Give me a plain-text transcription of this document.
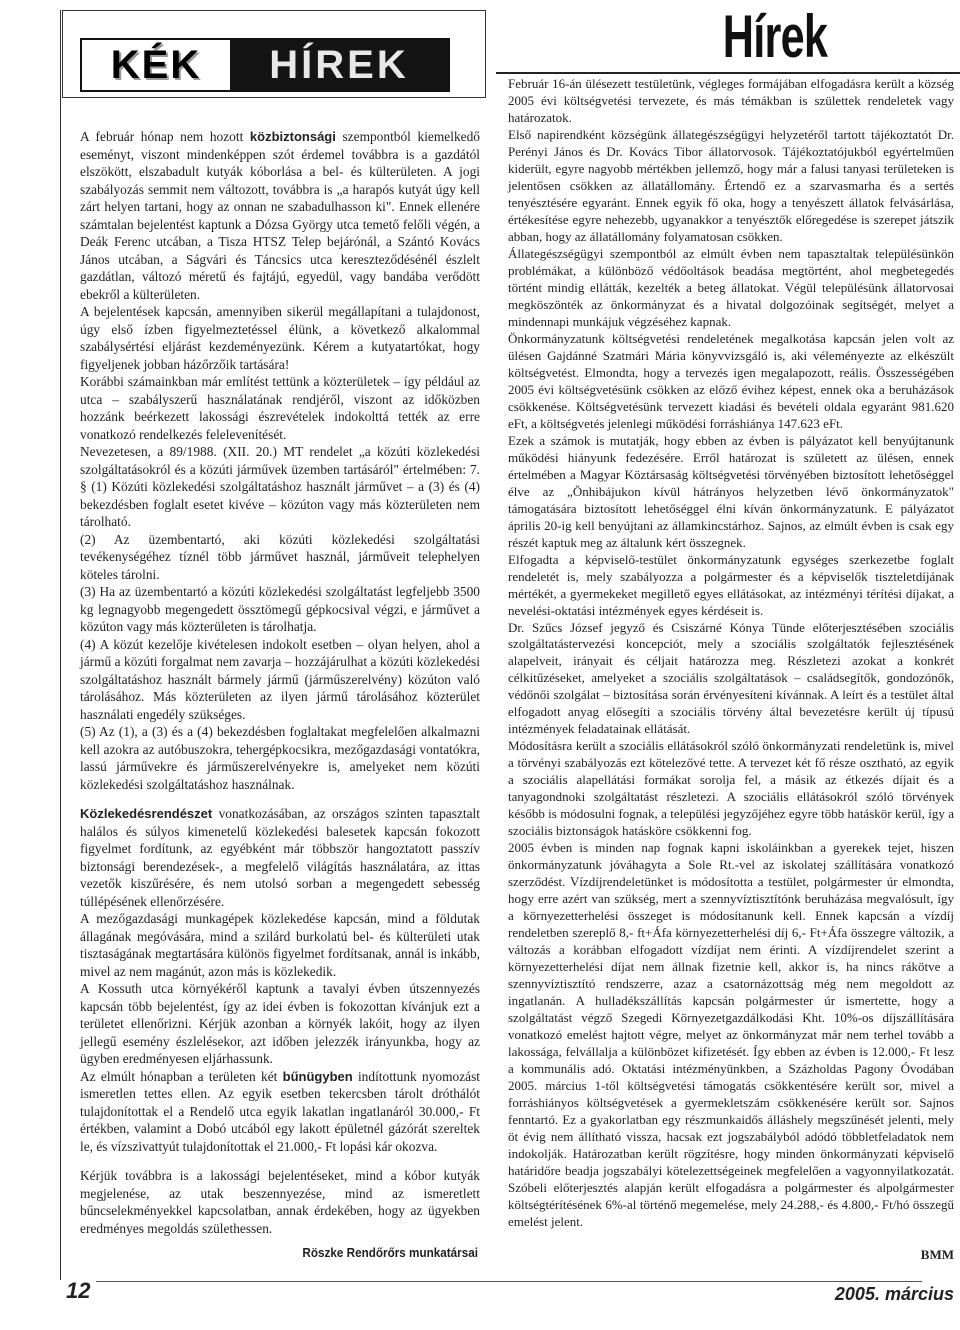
KÉK	HÍREK	Hírek

A február hónap nem hozott közbiztonsági szempontból kiemelkedő eseményt, viszont mindenképpen szót érdemel továbbra is a gazdától elszökött, elszabadult kutyák kóborlása a bel- és külterületen. A jogi szabályozás semmit nem változott, továbbra is „a harapós kutyát úgy kell zárt helyen tartani, hogy az onnan ne szabadulhasson ki". Ennek ellenére számtalan bejelentést kaptunk a Dózsa György utca temető felőli végén, a Deák Ferenc utcában, a Tisza HTSZ Telep bejárónál, a Szántó Kovács János utcában, a Ságvári és Táncsics utca kereszteződésénél észlelt gazdátlan, változó méretű és fajtájú, egyedül, vagy bandába verődött ebekről a külterületen.

A bejelentések kapcsán, amennyiben sikerül megállapítani a tulajdonost, úgy első ízben figyelmeztetéssel élünk, a következő alkalommal szabálysértési eljárást kezdeményezünk. Kérem a kutyatartókat, hogy figyeljenek jobban házőrzőik tartására!

Korábbi számainkban már említést tettünk a közterületek – így például az utca – szabályszerű használatának rendjéről, viszont az időközben hozzánk beérkezett lakossági észrevételek indokolttá tették az erre vonatkozó rendelkezés felelevenítését.

Nevezetesen, a 89/1988. (XII. 20.) MT rendelet „a közúti közlekedési szolgáltatásokról és a közúti járművek üzemben tartásáról" értelmében: 7. § (1) Közúti közlekedési szolgáltatáshoz használt járművet – a (3) és (4) bekezdésben foglalt esetet kivéve – közúton vagy más közterületen nem tárolható.

(2) Az üzembentartó, aki közúti közlekedési szolgáltatási tevékenységéhez tíznél több járművet használ, járműveit telephelyen köteles tárolni.

(3) Ha az üzembentartó a közúti közlekedési szolgáltatást legfeljebb 3500 kg legnagyobb megengedett össztömegű gépkocsival végzi, e járművet a közúton vagy más közterületen is tárolhatja.

(4) A közút kezelője kivételesen indokolt esetben – olyan helyen, ahol a jármű a közúti forgalmat nem zavarja – hozzájárulhat a közúti közlekedési szolgáltatáshoz használt bármely jármű (járműszerelvény) közúton való tárolásához. Más közterületen az ilyen jármű tárolásához közterület használati engedély szükséges.

(5) Az (1), a (3) és a (4) bekezdésben foglaltakat megfelelően alkalmazni kell azokra az autóbuszokra, tehergépkocsikra, mezőgazdasági vontatókra, lassú járművekre és járműszerelvényekre is, amelyeket nem közúti közlekedési szolgáltatáshoz használnak.

Közlekedésrendészet vonatkozásában, az országos szinten tapasztalt halálos és súlyos kimenetelű közlekedési balesetek kapcsán fokozott figyelmet fordítunk, az egyébként már többször hangoztatott passzív biztonsági berendezések-, a megfelelő világítás használatára, az ittas vezetők kiszűrésére, és nem utolsó sorban a megengedett sebesség túllépésének ellenőrzésére.

A mezőgazdasági munkagépek közlekedése kapcsán, mind a földutak állagának megóvására, mind a szilárd burkolatú bel- és külterületi utak tisztaságának megtartására különös figyelmet fordítsanak, annál is inkább, mivel az nem magánút, azon más is közlekedik.

A Kossuth utca környékéről kaptunk a tavalyi évben útszennyezés kapcsán több bejelentést, így az idei évben is fokozottan kívánjuk ezt a területet ellenőrizni. Kérjük azonban a környék lakóit, hogy az ilyen jellegű esemény észlelésekor, azt időben jelezzék irányunkba, hogy az ügyben eredményesen eljárhassunk.

Az elmúlt hónapban a területen két bűnügyben indítottunk nyomozást ismeretlen tettes ellen. Az egyik esetben tekercsben tárolt dróthálót tulajdonítottak el a Rendelő utca egyik lakatlan ingatlanáról 30.000,- Ft értékben, valamint a Dobó utcából egy lakott épületnél gázórát szereltek le, és vízszivattyút tulajdonítottak el 21.000,- Ft lopási kár okozva.

Kérjük továbbra is a lakossági bejelentéseket, mind a kóbor kutyák megjelenése, az utak beszennyezése, mind az ismeretlett bűncselekményekkel kapcsolatban, annak érdekében, hogy az ügyekben eredményes megoldás születhessen.

Röszke Rendőrőrs munkatársai

Február 16-án ülésezett testületünk, végleges formájában elfogadásra került a község 2005 évi költségvetési tervezete, és más témákban is születtek rendeletek vagy határozatok.

Első napirendként községünk állategészségügyi helyzetéről tartott tájékoztatót Dr. Perényi János és Dr. Kovács Tibor állatorvosok. Tájékoztatójukból egyértelműen kiderült, egyre nagyobb mértékben jellemző, hogy már a falusi tanyasi területeken is jelentősen csökken az állatállomány. Értendő ez a szarvasmarha és a sertés tenyésztésére egyaránt. Ennek egyik fő oka, hogy a tenyészett állatok felvásárlása, értékesítése egyre nehezebb, ugyanakkor a tenyésztők előregedése is szerepet játszik abban, hogy az állatállomány folyamatosan csökken.

Állategészségügyi szempontból az elmúlt évben nem tapasztaltak településünkön problémákat, a különböző védőoltások beadása megtörtént, ahol megbetegedés történt mindig ellátták, kezelték a beteg állatokat. Végül településünk állatorvosai megköszönték az önkormányzat és a hivatal dolgozóinak segítségét, melyet a mindennapi munkájuk végzéséhez kapnak.

Önkormányzatunk költségvetési rendeletének megalkotása kapcsán jelen volt az ülésen Gajdánné Szatmári Mária könyvvizsgáló is, aki véleményezte az elkészült költségvetést. Elmondta, hogy a tervezés igen megalapozott, reális. Összességében 2005 évi költségvetésünk csökken az előző évihez képest, ennek oka a beruházások csökkenése. Költségvetésünk tervezett kiadási és bevételi oldala egyaránt 981.620 eFt, a költségvetés jelenlegi működési forráshiánya 147.623 eFt.

Ezek a számok is mutatják, hogy ebben az évben is pályázatot kell benyújtanunk működési hiányunk fedezésére. Erről határozat is született az ülésen, ennek értelmében a Magyar Köztársaság költségvetési törvényében biztosított lehetőséggel élve az „Önhibájukon kívül hátrányos helyzetben lévő önkormányzatok" támogatására biztosított lehetőséggel élni kíván önkormányzatunk. E pályázatot április 20-ig kell benyújtani az államkincstárhoz. Sajnos, az elmúlt évben is csak egy részét kaptuk meg az általunk kért összegnek.

Elfogadta a képviselő-testület önkormányzatunk egységes szerkezetbe foglalt rendeletét is, mely szabályozza a polgármester és a képviselők tiszteletdíjának mértékét, a gyermekeket megillető egyes ellátásokat, az intézményi térítési díjakat, a nevelési-oktatási intézmények egyes kérdéseit is.

Dr. Szűcs József jegyző és Csiszárné Kónya Tünde előterjesztésében szociális szolgáltatástervezési koncepciót, mely a szociális szolgáltatók fejlesztésének alapelveit, irányait és céljait határozza meg. Részletezi azokat a konkrét célkitűzéseket, amelyeket a szociális szolgáltatások – családsegítők, gondozónők, védőnői szolgálat – biztosítása során érvényesíteni kívánnak. A leírt és a testület által elfogadott anyag elősegíti a szociális törvény által bevezetésre került új típusú intézmények feladatainak ellátását.

Módosításra került a szociális ellátásokról szóló önkormányzati rendeletünk is, mivel a törvényi szabályozás ezt kötelezővé tette. A tervezet két fő része osztható, az egyik a szociális alapellátási formákat sorolja fel, a másik az étkezés díjait és a tanyagondnoki szolgáltatást részletezi. A szociális ellátásokról szóló törvények később is módosulni fognak, a települési jegyzőjéhez egyre több hatáskör kerül, így a szociális biztonságok hatásköre csökkenni fog.

2005 évben is minden nap fognak kapni iskoláinkban a gyerekek tejet, hiszen önkormányzatunk jóváhagyta a Sole Rt.-vel az iskolatej szállítására vonatkozó szerződést. Vízdíjrendeletünket is módosította a testület, polgármester úr elmondta, hogy erre azért van szükség, mert a szennyvíztisztítónk beruházása megvalósult, így a környezetterhelési összeget is módosítanunk kell. Ennek kapcsán a vízdíj rendeletben szereplő 8,- ft+Áfa környezetterhelési díj 6,- Ft+Áfa összegre változik, a változás a korábban elfogadott vízdíjat nem érinti. A vízdíjrendelet szerint a környezetterhelési díjat nem állnak fizetnie kell, akkor is, ha nincs rákötve a szennyvíztisztító rendszerre, azaz a csatornázottság még nem megoldott az ingatlanán. A hulladékszállítás kapcsán polgármester úr ismertette, hogy a szolgáltatást végző Szegedi Környezetgazdálkodási Kht. 10%-os díjszállítására vonatkozó emelést hajtott végre, melyet az önkormányzat már nem terhel tovább a lakossága, felvállalja a különbözet kifizetését. Így ebben az évben is 12.000,- Ft lesz a kommunális adó. Oktatási intézményünkben, a Százholdas Pagony Óvodában 2005. március 1-től költségvetési támogatás csökkentésére került sor, mivel a forráshiányos költségvetések a gyermekletszám csökkenésére került sor. Sajnos fenntartó. Ez a gyakorlatban egy részmunkaidős álláshely megszűnését jelenti, mely öt évig nem állítható vissza, hacsak ezt jogszabályból adódó többletfeladatok nem indokolják. Határozatban került rögzítésre, hogy minden önkormányzati képviselő határidőre beadja jogszabályi kötelezettségeinek megfelelően a vagyonnyilatkozatát. Szóbeli előterjesztés alapján került elfogadásra a polgármester és alpolgármester költségtérítésének 6%-al történő megemelése, mely 24.288,- és 4.800,- Ft/hó összegű emelést jelent.

BMM
12	2005. március
